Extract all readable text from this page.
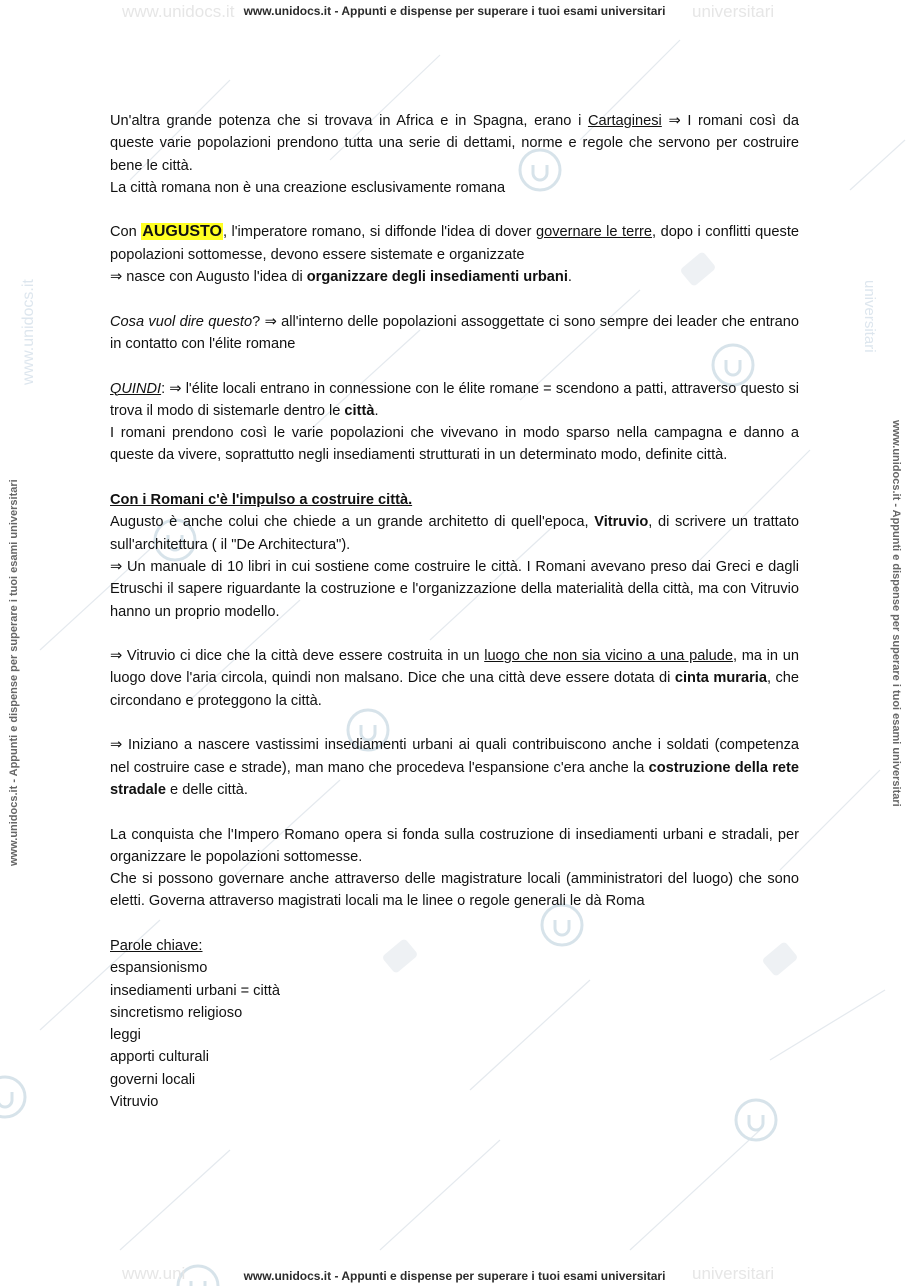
www.unidocs.it	universitari
www.unidocs.it - Appunti e dispense per superare i tuoi esami universitari
www.uni	universitari
www.unidocs.it - Appunti e dispense per superare i tuoi esami universitari
www.unidocs.it - Appunti e dispense per superare i tuoi esami universitari
www.unidocs.it
www.unidocs.it - Appunti e dispense per superare i tuoi esami universitari
universitari

Un'altra grande potenza che si trovava in Africa e in Spagna, erano i Cartaginesi ⇒ I romani così da queste varie popolazioni prendono tutta una serie di dettami, norme e regole che servono per costruire bene le città.

La città romana non è una creazione esclusivamente romana

Con AUGUSTO, l'imperatore romano, si diffonde l'idea di dover governare le terre, dopo i conflitti queste popolazioni sottomesse, devono essere sistemate e organizzate

⇒ nasce con Augusto l'idea di organizzare degli insediamenti urbani.

Cosa vuol dire questo? ⇒ all'interno delle popolazioni assoggettate ci sono sempre dei leader che entrano in contatto con l'élite romane

QUINDI: ⇒ l'élite locali entrano in connessione con le élite romane = scendono a patti, attraverso questo si trova il modo di sistemarle dentro le città.

I romani prendono così le varie popolazioni che vivevano in modo sparso nella campagna e danno a queste da vivere, soprattutto negli insediamenti strutturati in un determinato modo, definite città.

Con i Romani c'è l'impulso a costruire città.

Augusto è anche colui che chiede a un grande architetto di quell'epoca, Vitruvio, di scrivere un trattato sull'architettura ( il "De Architectura").

⇒ Un manuale di 10 libri in cui sostiene come costruire le città. I Romani avevano preso dai Greci e dagli Etruschi il sapere riguardante la costruzione e l'organizzazione della materialità della città, ma con Vitruvio hanno un proprio modello.

⇒ Vitruvio ci dice che la città deve essere costruita in un luogo che non sia vicino a una palude, ma in un luogo dove l'aria circola, quindi non malsano. Dice che una città deve essere dotata di cinta muraria, che circondano e proteggono la città.

⇒ Iniziano a nascere vastissimi insediamenti urbani ai quali contribuiscono anche i soldati (competenza nel costruire case e strade), man mano che procedeva l'espansione c'era anche la costruzione della rete stradale e delle città.

La conquista che l'Impero Romano opera si fonda sulla costruzione di insediamenti urbani e stradali, per organizzare le popolazioni sottomesse.

Che si possono governare anche attraverso delle magistrature locali (amministratori del luogo) che sono eletti. Governa attraverso magistrati locali ma le linee o regole generali le dà Roma

Parole chiave:

espansionismo

insediamenti urbani = città

sincretismo religioso

leggi

apporti culturali

governi locali

Vitruvio
